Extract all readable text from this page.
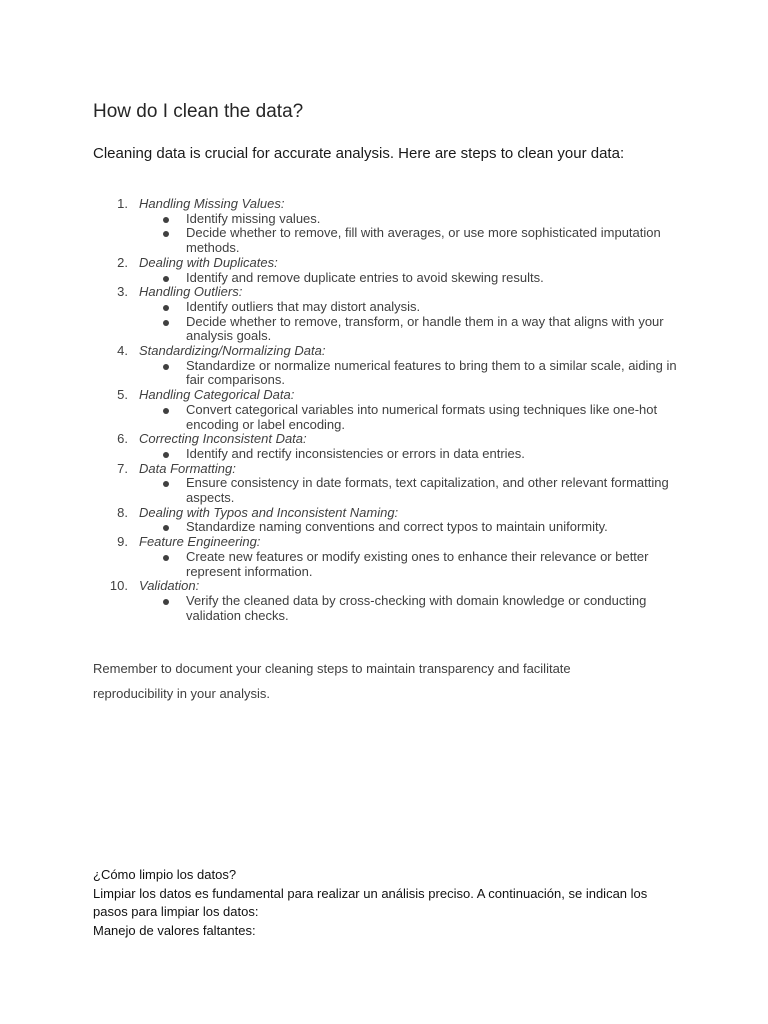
How do I clean the data?

Cleaning data is crucial for accurate analysis. Here are steps to clean your data:

1. Handling Missing Values:
Identify missing values.
Decide whether to remove, fill with averages, or use more sophisticated imputation methods.
2. Dealing with Duplicates:
Identify and remove duplicate entries to avoid skewing results.
3. Handling Outliers:
Identify outliers that may distort analysis.
Decide whether to remove, transform, or handle them in a way that aligns with your analysis goals.
4. Standardizing/Normalizing Data:
Standardize or normalize numerical features to bring them to a similar scale, aiding in fair comparisons.
5. Handling Categorical Data:
Convert categorical variables into numerical formats using techniques like one-hot encoding or label encoding.
6. Correcting Inconsistent Data:
Identify and rectify inconsistencies or errors in data entries.
7. Data Formatting:
Ensure consistency in date formats, text capitalization, and other relevant formatting aspects.
8. Dealing with Typos and Inconsistent Naming:
Standardize naming conventions and correct typos to maintain uniformity.
9. Feature Engineering:
Create new features or modify existing ones to enhance their relevance or better represent information.
10. Validation:
Verify the cleaned data by cross-checking with domain knowledge or conducting validation checks.

Remember to document your cleaning steps to maintain transparency and facilitate reproducibility in your analysis.

¿Cómo limpio los datos?

Limpiar los datos es fundamental para realizar un análisis preciso. A continuación, se indican los pasos para limpiar los datos:

Manejo de valores faltantes:
